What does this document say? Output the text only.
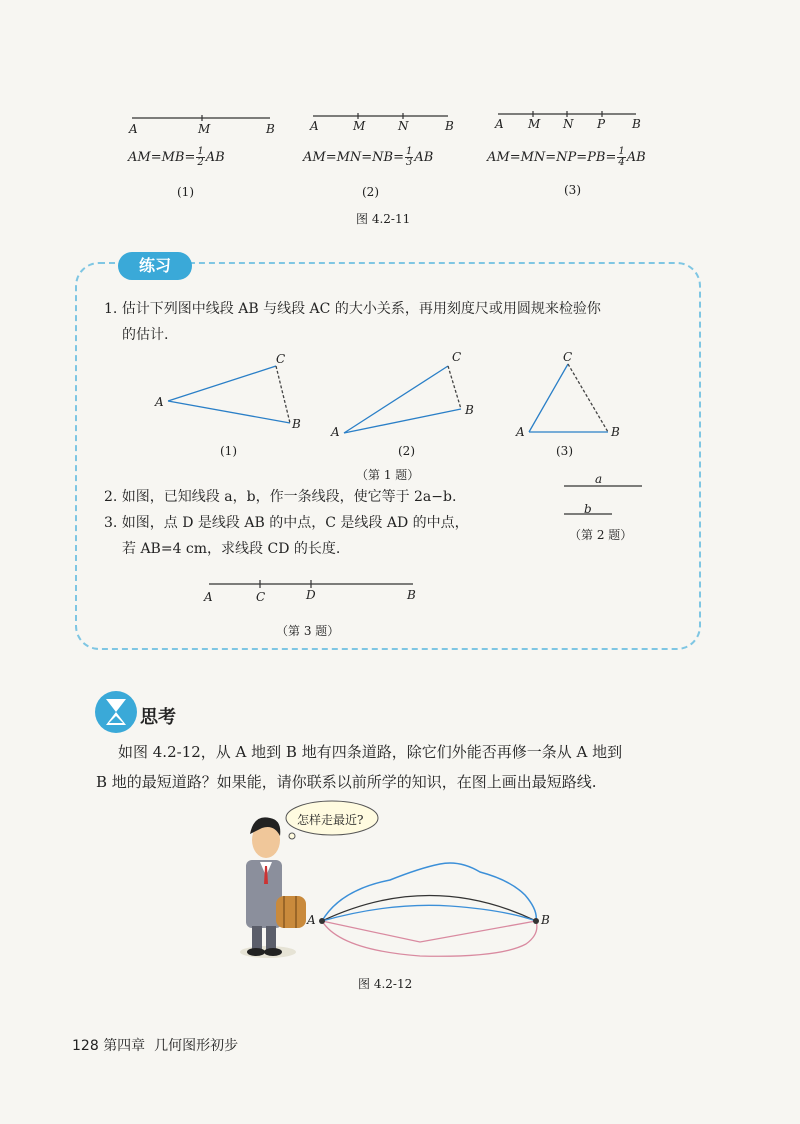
A	M	B
$AM=MB= \frac{1}{2}$ AB
(1)
A	M	N	B
$AM=MN=NB= \frac{1}{3}$ AB
(2)
A M N P B
$AM=MN=NP=PB= \frac{1}{4}$ AB
(3)
图 4.2-11
练习
1. 估计下列图中线段 AB 与线段 AC 的大小关系，再用刻度尺或用圆规来检验你
的估计.
A
C
B
A
C
B
A
C
B
(1)	(2)	(3)
（第 1 题）
2. 如图，已知线段 a，b，作一条线段，使它等于 2a−b.
3. 如图，点 D 是线段 AB 的中点，C 是线段 AD 的中点，
若 AB=4 cm，求线段 CD 的长度.
a
b
（第 2 题）
A	C	D	B
（第 3 题）
思考
如图 4.2-12，从 A 地到 B 地有四条道路，除它们外能否再修一条从 A 地到
B 地的最短道路？如果能，请你联系以前所学的知识，在图上画出最短路线.
怎样走最近?
A	B
图 4.2-12
128 第四章 几何图形初步
